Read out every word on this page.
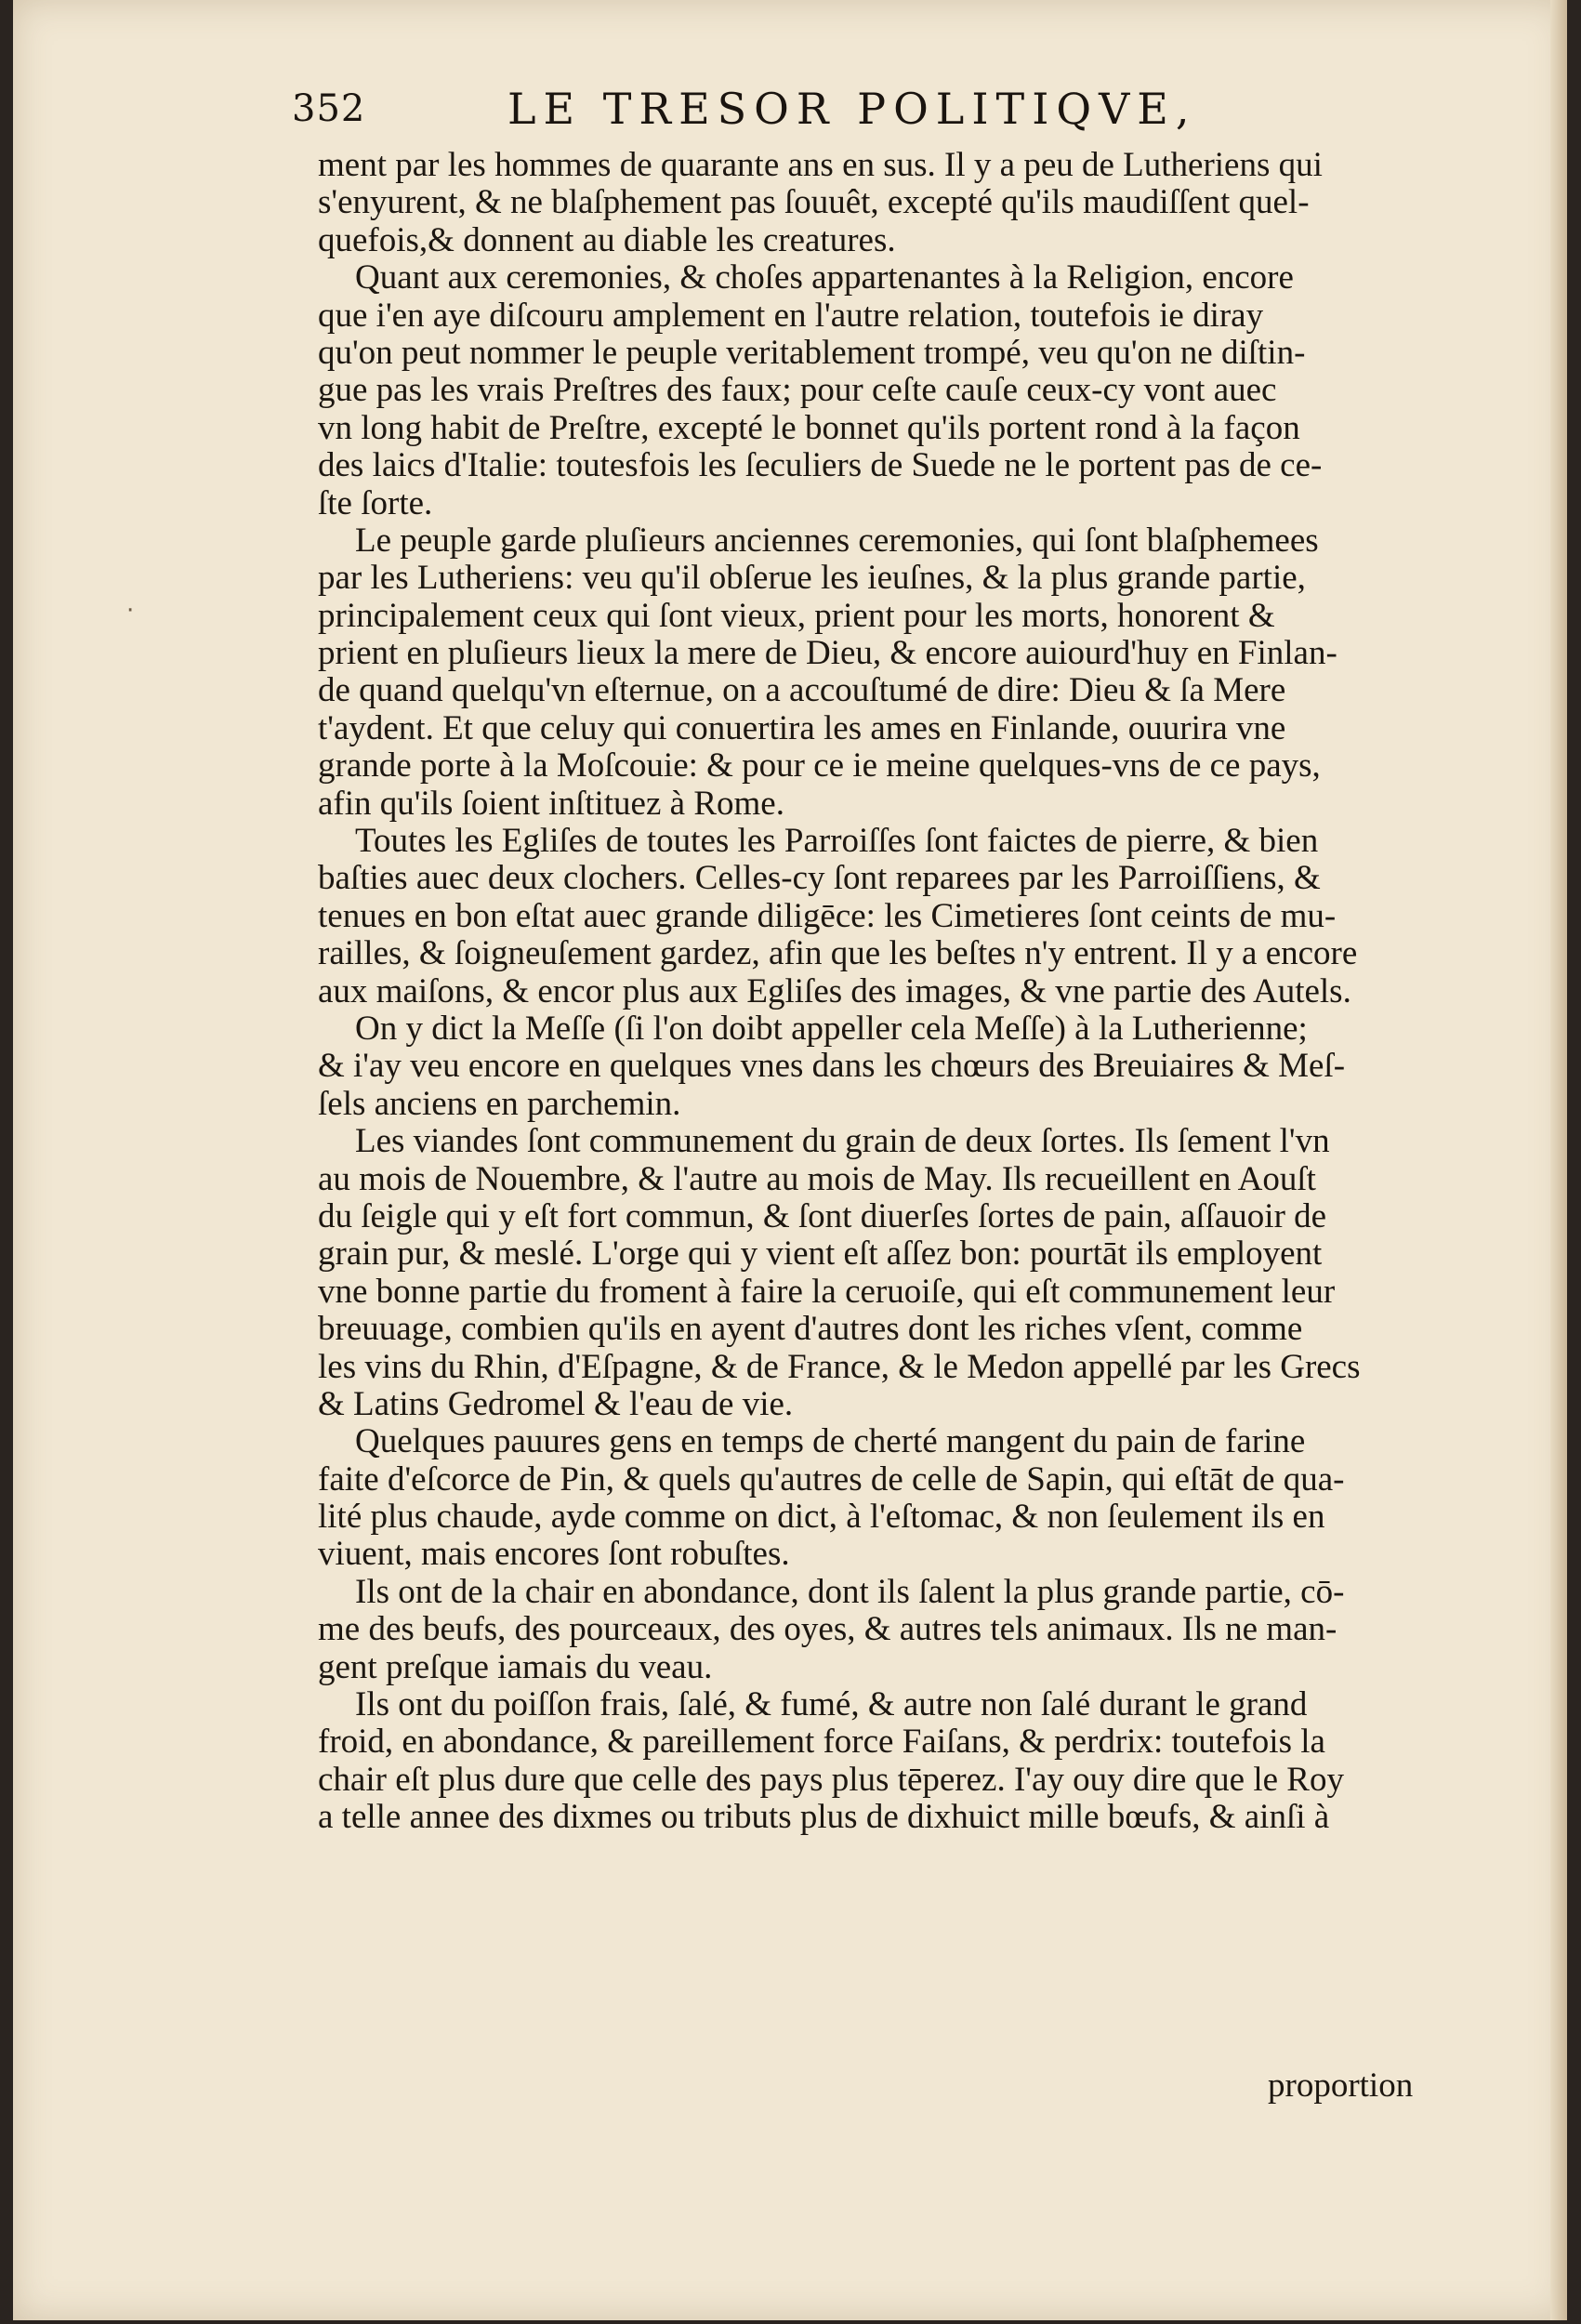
352	LE TRESOR POLITIQVE,
ment par les hommes de quarante ans en sus. Il y a peu de Lutheriens qui
s'enyurent, & ne blaſphement pas ſouuêt, excepté qu'ils maudiſſent quel-
quefois,& donnent au diable les creatures.
Quant aux ceremonies, & choſes appartenantes à la Religion, encore
que i'en aye diſcouru amplement en l'autre relation, toutefois ie diray
qu'on peut nommer le peuple veritablement trompé, veu qu'on ne diſtin-
gue pas les vrais Preſtres des faux; pour ceſte cauſe ceux-cy vont auec
vn long habit de Preſtre, excepté le bonnet qu'ils portent rond à la façon
des laics d'Italie: toutesfois les ſeculiers de Suede ne le portent pas de ce-
ſte ſorte.
Le peuple garde pluſieurs anciennes ceremonies, qui ſont blaſphemees
par les Lutheriens: veu qu'il obſerue les ieuſnes, & la plus grande partie,
principalement ceux qui ſont vieux, prient pour les morts, honorent &
prient en pluſieurs lieux la mere de Dieu, & encore auiourd'huy en Finlan-
de quand quelqu'vn eſternue, on a accouſtumé de dire: Dieu & ſa Mere
t'aydent. Et que celuy qui conuertira les ames en Finlande, ouurira vne
grande porte à la Moſcouie: & pour ce ie meine quelques-vns de ce pays,
afin qu'ils ſoient inſtituez à Rome.
Toutes les Egliſes de toutes les Parroiſſes ſont faictes de pierre, & bien
baſties auec deux clochers. Celles-cy ſont reparees par les Parroiſſiens, &
tenues en bon eſtat auec grande diligēce: les Cimetieres ſont ceints de mu-
railles, & ſoigneuſement gardez, afin que les beſtes n'y entrent. Il y a encore
aux maiſons, & encor plus aux Egliſes des images, & vne partie des Autels.
On y dict la Meſſe (ſi l'on doibt appeller cela Meſſe) à la Lutherienne;
& i'ay veu encore en quelques vnes dans les chœurs des Breuiaires & Meſ-
ſels anciens en parchemin.
Les viandes ſont communement du grain de deux ſortes. Ils ſement l'vn
au mois de Nouembre, & l'autre au mois de May. Ils recueillent en Aouſt
du ſeigle qui y eſt fort commun, & ſont diuerſes ſortes de pain, aſſauoir de
grain pur, & meslé. L'orge qui y vient eſt aſſez bon: pourtāt ils employent
vne bonne partie du froment à faire la ceruoiſe, qui eſt communement leur
breuuage, combien qu'ils en ayent d'autres dont les riches vſent, comme
les vins du Rhin, d'Eſpagne, & de France, & le Medon appellé par les Grecs
& Latins Gedromel & l'eau de vie.
Quelques pauures gens en temps de cherté mangent du pain de farine
faite d'eſcorce de Pin, & quels qu'autres de celle de Sapin, qui eſtāt de qua-
lité plus chaude, ayde comme on dict, à l'eſtomac, & non ſeulement ils en
viuent, mais encores ſont robuſtes.
Ils ont de la chair en abondance, dont ils ſalent la plus grande partie, cō-
me des beufs, des pourceaux, des oyes, & autres tels animaux. Ils ne man-
gent preſque iamais du veau.
Ils ont du poiſſon frais, ſalé, & fumé, & autre non ſalé durant le grand
froid, en abondance, & pareillement force Faiſans, & perdrix: toutefois la
chair eſt plus dure que celle des pays plus tēperez. I'ay ouy dire que le Roy
a telle annee des dixmes ou tributs plus de dixhuict mille bœufs, & ainſi à
proportion
·
